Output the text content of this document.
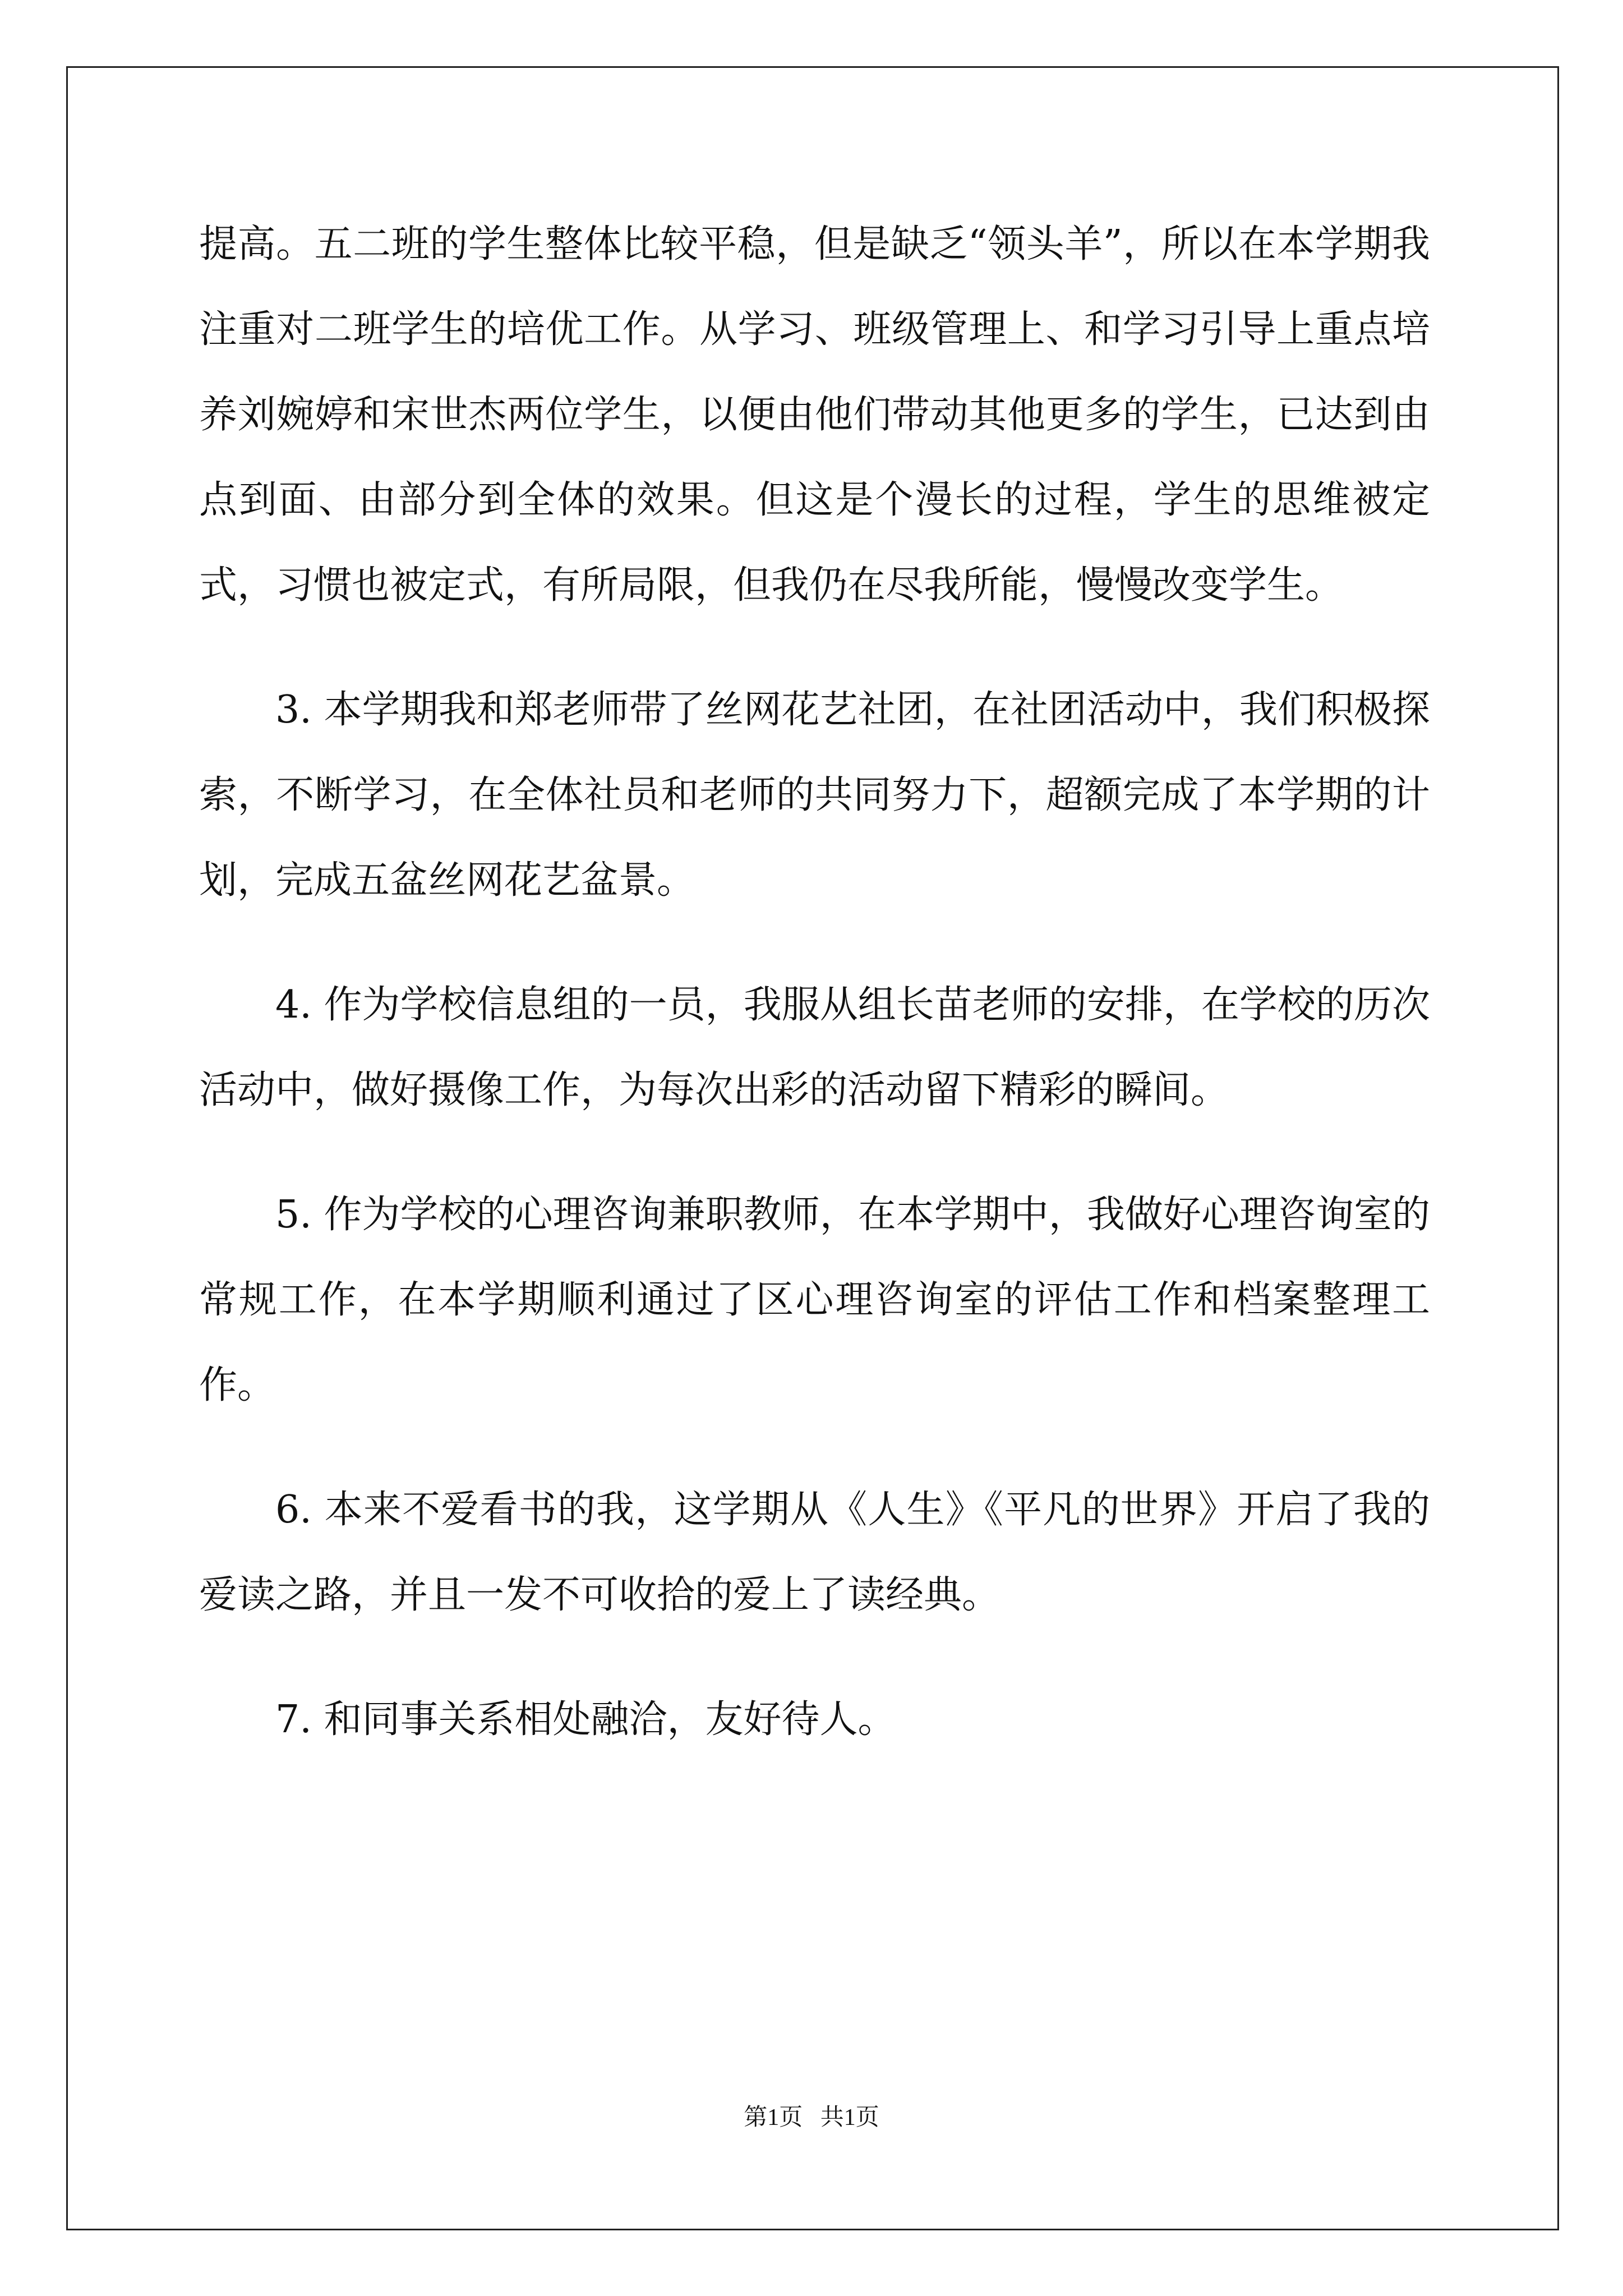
提高。五二班的学生整体比较平稳，但是缺乏“领头羊”，所以在本学期我注重对二班学生的培优工作。从学习、班级管理上、和学习引导上重点培养刘婉婷和宋世杰两位学生，以便由他们带动其他更多的学生，已达到由点到面、由部分到全体的效果。但这是个漫长的过程，学生的思维被定式，习惯也被定式，有所局限，但我仍在尽我所能，慢慢改变学生。

3. 本学期我和郑老师带了丝网花艺社团，在社团活动中，我们积极探索，不断学习，在全体社员和老师的共同努力下，超额完成了本学期的计划，完成五盆丝网花艺盆景。

4. 作为学校信息组的一员，我服从组长苗老师的安排，在学校的历次活动中，做好摄像工作，为每次出彩的活动留下精彩的瞬间。

5. 作为学校的心理咨询兼职教师，在本学期中，我做好心理咨询室的常规工作，在本学期顺利通过了区心理咨询室的评估工作和档案整理工作。

6. 本来不爱看书的我，这学期从《人生》《平凡的世界》开启了我的爱读之路，并且一发不可收拾的爱上了读经典。

7. 和同事关系相处融洽，友好待人。

第1页   共1页
